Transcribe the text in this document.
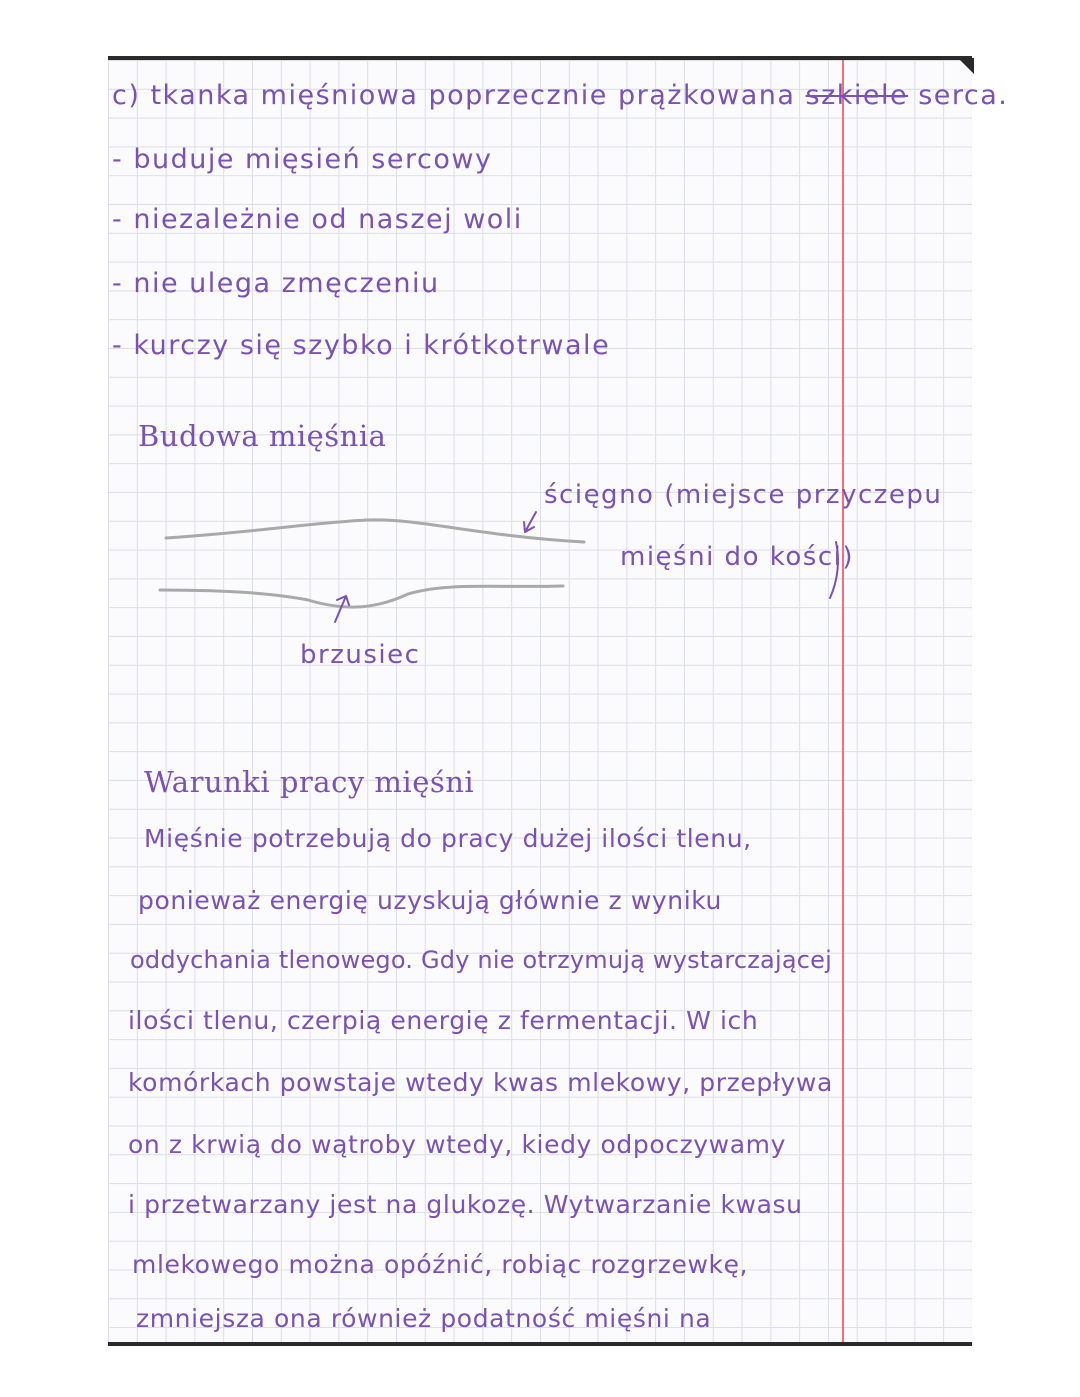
c) tkanka mięśniowa poprzecznie prążkowana szkiele serca.
- buduje mięsień sercowy
- niezależnie od naszej woli
- nie ulega zmęczeniu
- kurczy się szybko i krótkotrwale
Budowa mięśnia
ścięgno (miejsce przyczepu
mięśni do kości)
brzusiec
Warunki pracy mięśni
Mięśnie potrzebują do pracy dużej ilości tlenu,
ponieważ energię uzyskują głównie z wyniku
oddychania tlenowego. Gdy nie otrzymują wystarczającej
ilości tlenu, czerpią energię z fermentacji. W ich
komórkach powstaje wtedy kwas mlekowy, przepływa
on z krwią do wątroby wtedy, kiedy odpoczywamy
i przetwarzany jest na glukozę. Wytwarzanie kwasu
mlekowego można opóźnić, robiąc rozgrzewkę,
zmniejsza ona również podatność mięśni na
